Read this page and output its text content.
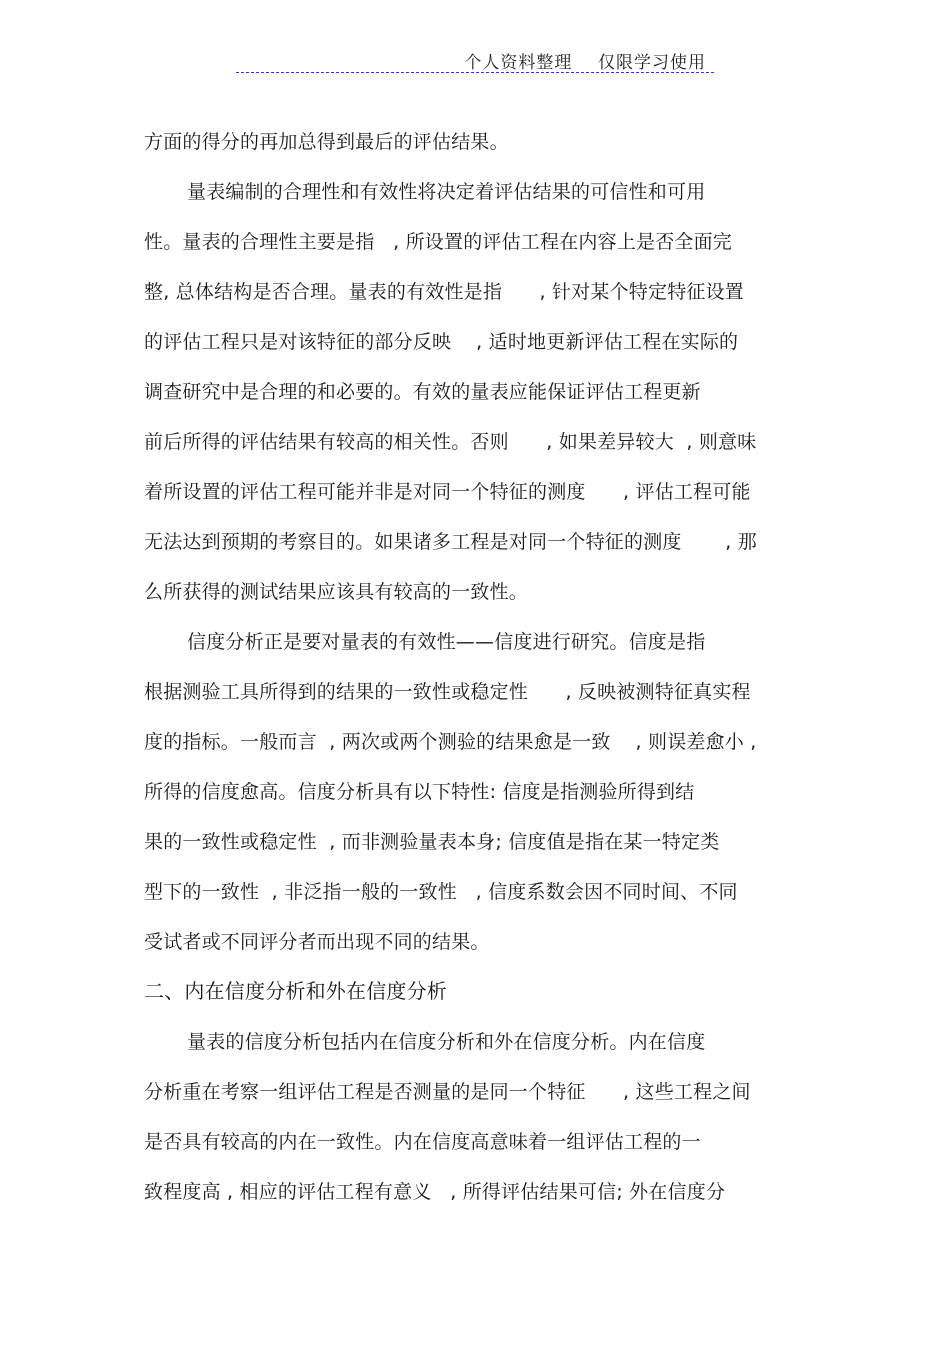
个人资料整理    仅限学习使用
方面的得分的再加总得到最后的评估结果。
量表编制的合理性和有效性将决定着评估结果的可信性和可用
性。量表的合理性主要是指   , 所设置的评估工程在内容上是否全面完
整, 总体结构是否合理。量表的有效性是指      , 针对某个特定特征设置
的评估工程只是对该特征的部分反映    , 适时地更新评估工程在实际的
调查研究中是合理的和必要的。有效的量表应能保证评估工程更新
前后所得的评估结果有较高的相关性。否则      , 如果差异较大  , 则意味
着所设置的评估工程可能并非是对同一个特征的测度      , 评估工程可能
无法达到预期的考察目的。如果诸多工程是对同一个特征的测度       , 那
么所获得的测试结果应该具有较高的一致性。
信度分析正是要对量表的有效性——信度进行研究。信度是指
根据测验工具所得到的结果的一致性或稳定性      , 反映被测特征真实程
度的指标。一般而言  , 两次或两个测验的结果愈是一致    , 则误差愈小 ,
所得的信度愈高。信度分析具有以下特性: 信度是指测验所得到结
果的一致性或稳定性  , 而非测验量表本身; 信度值是指在某一特定类
型下的一致性  , 非泛指一般的一致性   , 信度系数会因不同时间、不同
受试者或不同评分者而出现不同的结果。
二、内在信度分析和外在信度分析
量表的信度分析包括内在信度分析和外在信度分析。内在信度
分析重在考察一组评估工程是否测量的是同一个特征      , 这些工程之间
是否具有较高的内在一致性。内在信度高意味着一组评估工程的一
致程度高 , 相应的评估工程有意义   , 所得评估结果可信; 外在信度分
